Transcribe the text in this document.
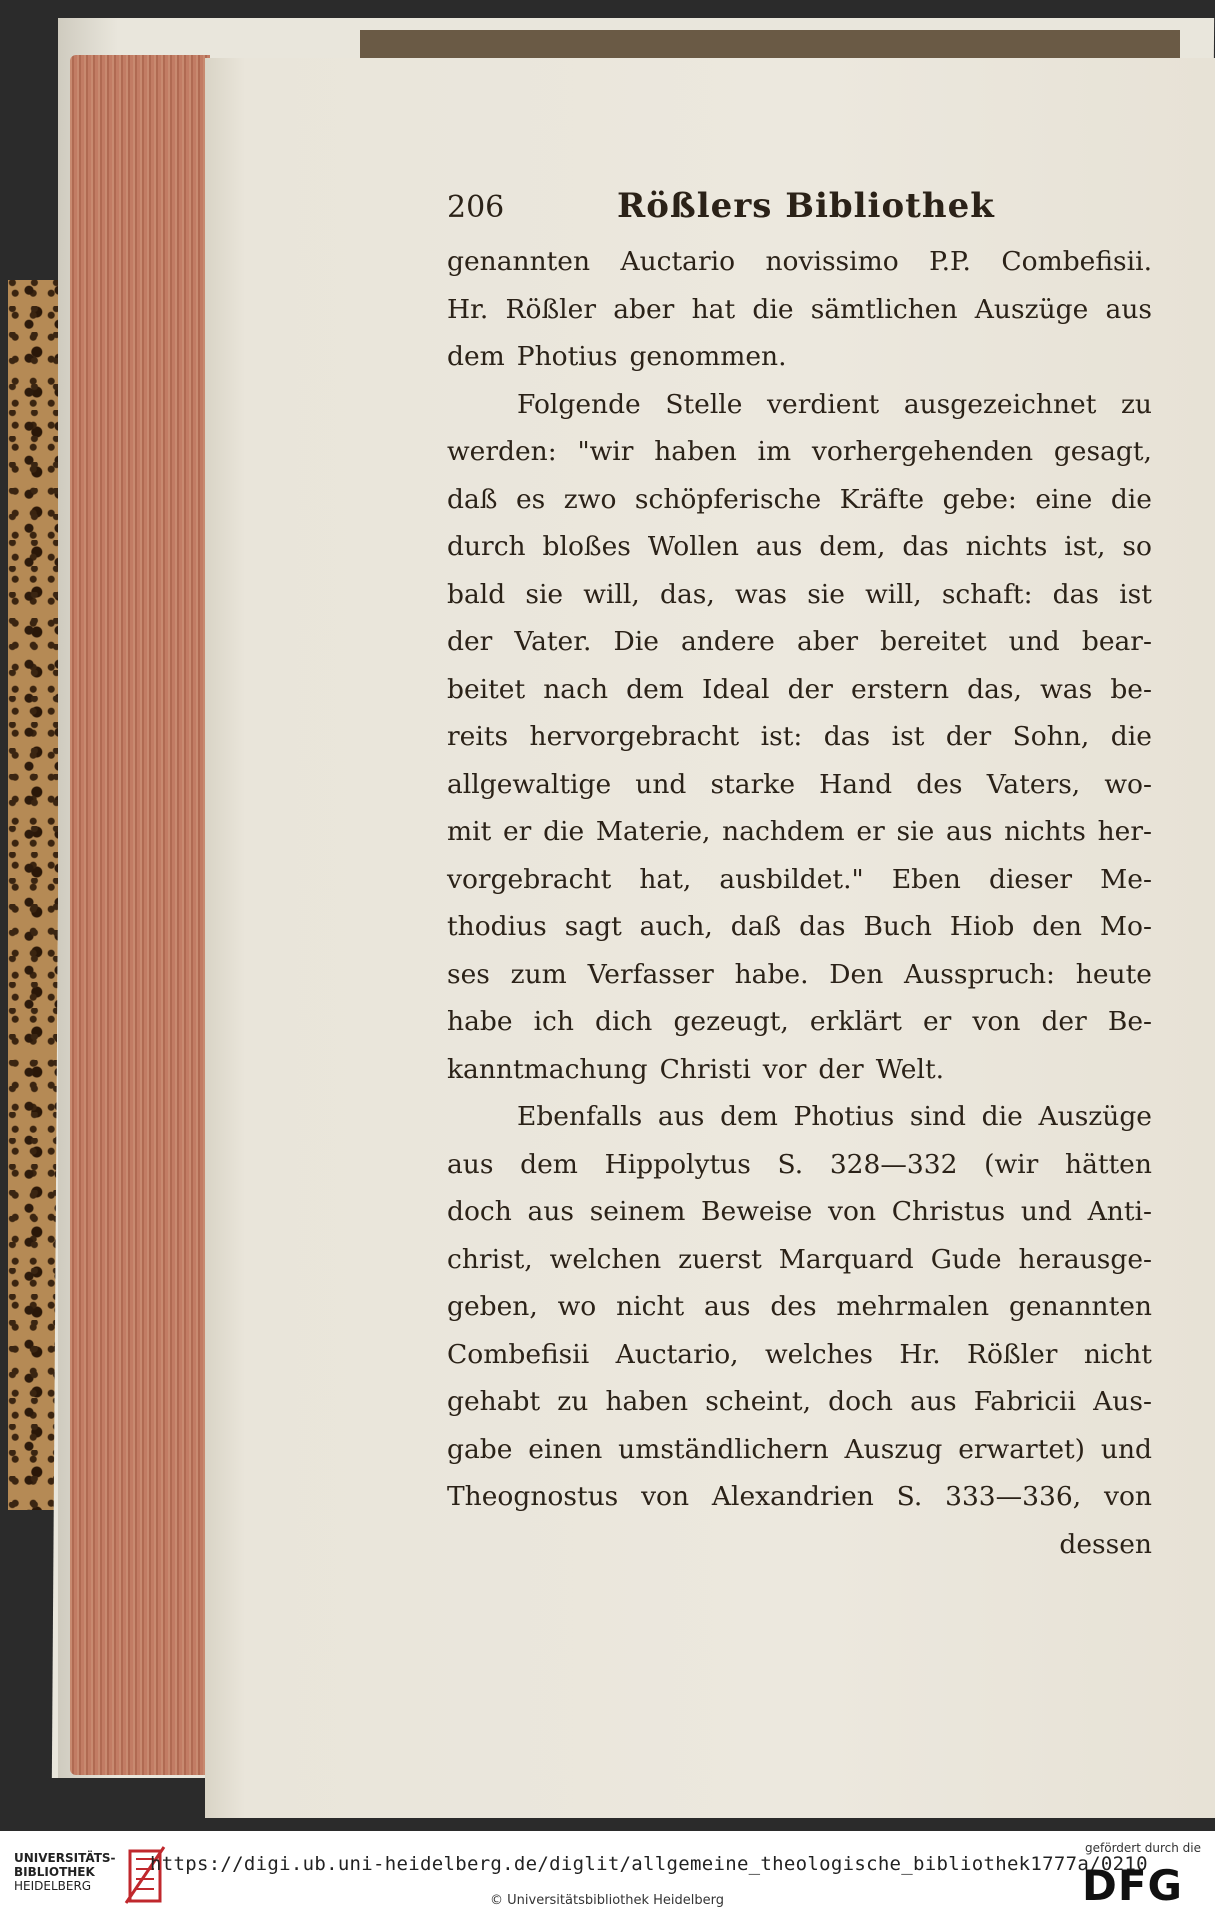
206	Rößlers Bibliothek
genannten Auctario novissimo P.P. Combefisii.
Hr. Rößler aber hat die sämtlichen Auszüge aus
dem Photius genommen.
Folgende Stelle verdient ausgezeichnet zu
werden: "wir haben im vorhergehenden gesagt,
daß es zwo schöpferische Kräfte gebe: eine die
durch bloßes Wollen aus dem, das nichts ist, so
bald sie will, das, was sie will, schaft: das ist
der Vater. Die andere aber bereitet und bear-
beitet nach dem Ideal der erstern das, was be-
reits hervorgebracht ist: das ist der Sohn, die
allgewaltige und starke Hand des Vaters, wo-
mit er die Materie, nachdem er sie aus nichts her-
vorgebracht hat, ausbildet." Eben dieser Me-
thodius sagt auch, daß das Buch Hiob den Mo-
ses zum Verfasser habe. Den Ausspruch: heute
habe ich dich gezeugt, erklärt er von der Be-
kanntmachung Christi vor der Welt.
Ebenfalls aus dem Photius sind die Auszüge
aus dem Hippolytus S. 328—332 (wir hätten
doch aus seinem Beweise von Christus und Anti-
christ, welchen zuerst Marquard Gude herausge-
geben, wo nicht aus des mehrmalen genannten
Combefisii Auctario, welches Hr. Rößler nicht
gehabt zu haben scheint, doch aus Fabricii Aus-
gabe einen umständlichern Auszug erwartet) und
Theognostus von Alexandrien S. 333—336, von
dessen
UNIVERSITÄTS-
BIBLIOTHEK
HEIDELBERG
https://digi.ub.uni-heidelberg.de/diglit/allgemeine_theologische_bibliothek1777a/0210
© Universitätsbibliothek Heidelberg
gefördert durch die
DFG
